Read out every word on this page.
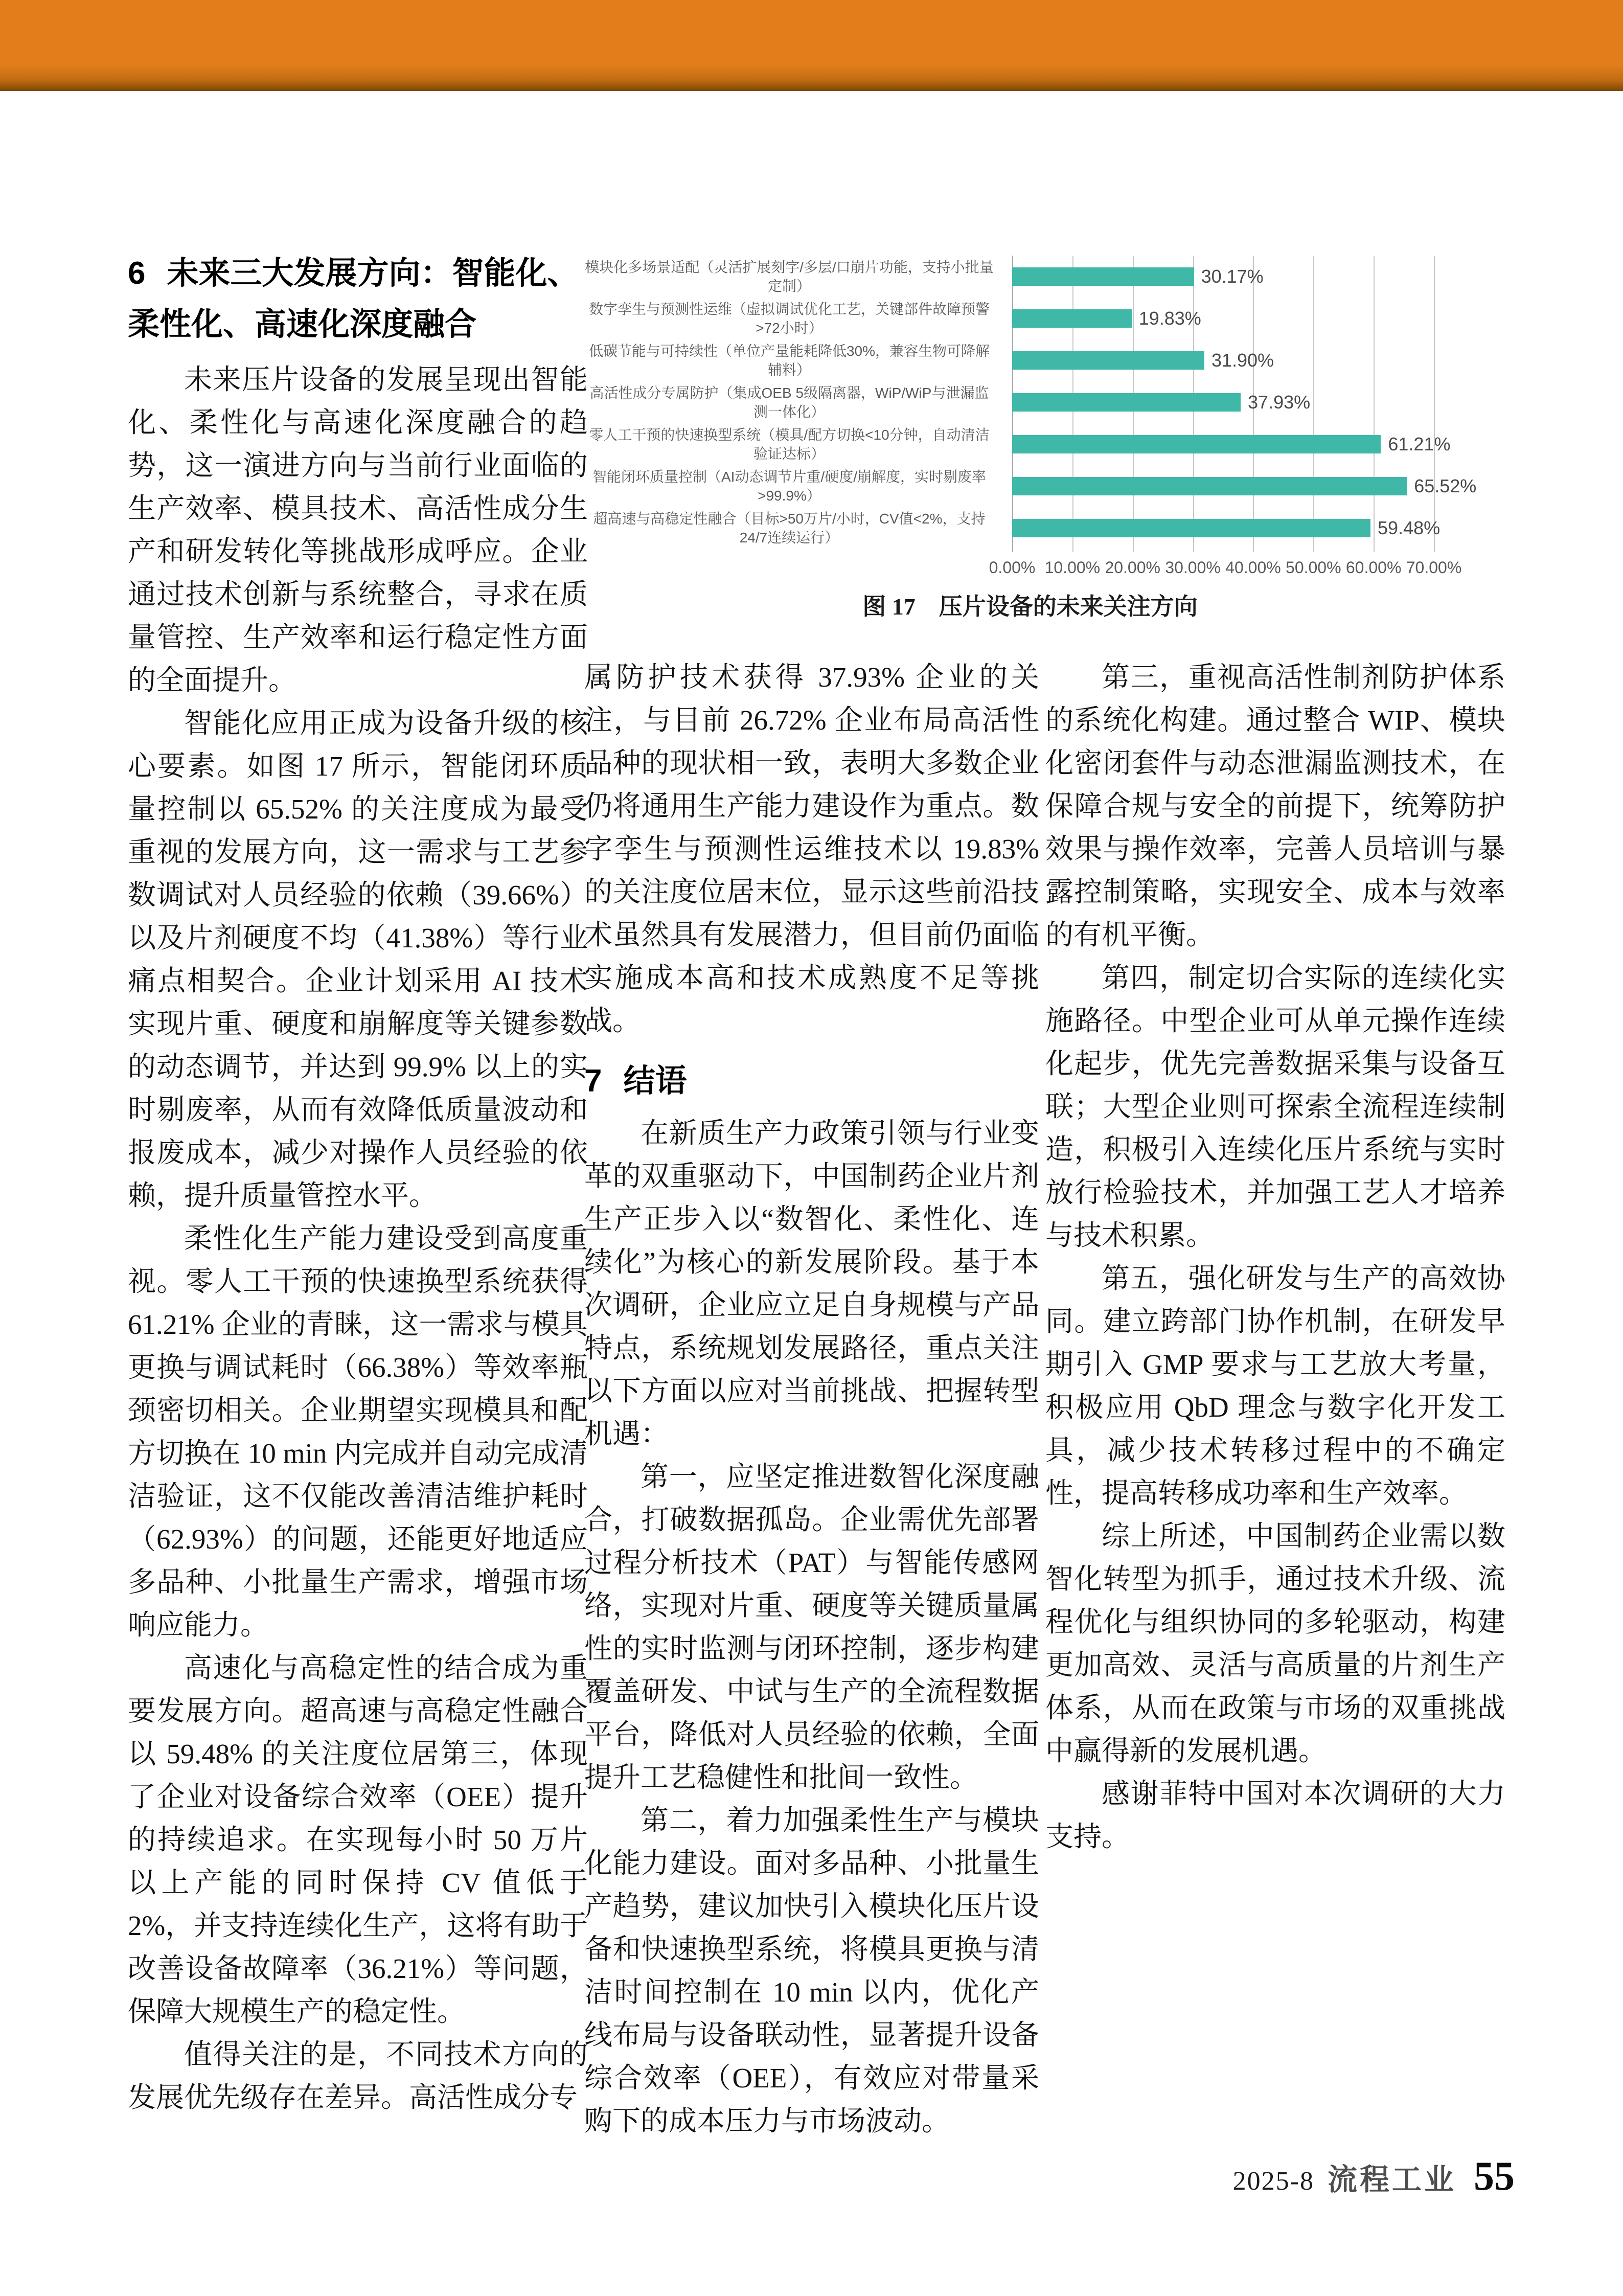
6 未来三大发展方向：智能化、柔性化、高速化深度融合

未来压片设备的发展呈现出智能化、柔性化与高速化深度融合的趋势，这一演进方向与当前行业面临的生产效率、模具技术、高活性成分生产和研发转化等挑战形成呼应。企业通过技术创新与系统整合，寻求在质量管控、生产效率和运行稳定性方面的全面提升。

智能化应用正成为设备升级的核心要素。如图 17 所示，智能闭环质量控制以 65.52% 的关注度成为最受重视的发展方向，这一需求与工艺参数调试对人员经验的依赖（39.66%）以及片剂硬度不均（41.38%）等行业痛点相契合。企业计划采用 AI 技术实现片重、硬度和崩解度等关键参数的动态调节，并达到 99.9% 以上的实时剔废率，从而有效降低质量波动和报废成本，减少对操作人员经验的依赖，提升质量管控水平。

柔性化生产能力建设受到高度重视。零人工干预的快速换型系统获得 61.21% 企业的青睐，这一需求与模具更换与调试耗时（66.38%）等效率瓶颈密切相关。企业期望实现模具和配方切换在 10 min 内完成并自动完成清洁验证，这不仅能改善清洁维护耗时（62.93%）的问题，还能更好地适应多品种、小批量生产需求，增强市场响应能力。

高速化与高稳定性的结合成为重要发展方向。超高速与高稳定性融合以 59.48% 的关注度位居第三，体现了企业对设备综合效率（OEE）提升的持续追求。在实现每小时 50 万片以上产能的同时保持 CV 值低于 2%，并支持连续化生产，这将有助于改善设备故障率（36.21%）等问题，保障大规模生产的稳定性。

值得关注的是，不同技术方向的发展优先级存在差异。高活性成分专

模块化多场景适配（灵活扩展刻字/多层/口崩片功能，支持小批量定制）	30.17%
数字孪生与预测性运维（虚拟调试优化工艺，关键部件故障预警>72小时）	19.83%
低碳节能与可持续性（单位产量能耗降低30%，兼容生物可降解辅料）	31.90%
高活性成分专属防护（集成OEB 5级隔离器，WiP/WiP与泄漏监测一体化）	37.93%
零人工干预的快速换型系统（模具/配方切换<10分钟，自动清洁验证达标）	61.21%
智能闭环质量控制（AI动态调节片重/硬度/崩解度，实时剔废率>99.9%）	65.52%
超高速与高稳定性融合（目标>50万片/小时，CV值<2%，支持24/7连续运行）	59.48%
0.00% 10.00% 20.00% 30.00% 40.00% 50.00% 60.00% 70.00%
图 17　压片设备的未来关注方向

属防护技术获得 37.93% 企业的关注，与目前 26.72% 企业布局高活性品种的现状相一致，表明大多数企业仍将通用生产能力建设作为重点。数字孪生与预测性运维技术以 19.83% 的关注度位居末位，显示这些前沿技术虽然具有发展潜力，但目前仍面临实施成本高和技术成熟度不足等挑战。

7 结语

在新质生产力政策引领与行业变革的双重驱动下，中国制药企业片剂生产正步入以“数智化、柔性化、连续化”为核心的新发展阶段。基于本次调研，企业应立足自身规模与产品特点，系统规划发展路径，重点关注以下方面以应对当前挑战、把握转型机遇：

第一，应坚定推进数智化深度融合，打破数据孤岛。企业需优先部署过程分析技术（PAT）与智能传感网络，实现对片重、硬度等关键质量属性的实时监测与闭环控制，逐步构建覆盖研发、中试与生产的全流程数据平台，降低对人员经验的依赖，全面提升工艺稳健性和批间一致性。

第二，着力加强柔性生产与模块化能力建设。面对多品种、小批量生产趋势，建议加快引入模块化压片设备和快速换型系统，将模具更换与清洁时间控制在 10 min 以内，优化产线布局与设备联动性，显著提升设备综合效率（OEE），有效应对带量采购下的成本压力与市场波动。

第三，重视高活性制剂防护体系的系统化构建。通过整合 WIP、模块化密闭套件与动态泄漏监测技术，在保障合规与安全的前提下，统筹防护效果与操作效率，完善人员培训与暴露控制策略，实现安全、成本与效率的有机平衡。

第四，制定切合实际的连续化实施路径。中型企业可从单元操作连续化起步，优先完善数据采集与设备互联；大型企业则可探索全流程连续制造，积极引入连续化压片系统与实时放行检验技术，并加强工艺人才培养与技术积累。

第五，强化研发与生产的高效协同。建立跨部门协作机制，在研发早期引入 GMP 要求与工艺放大考量，积极应用 QbD 理念与数字化开发工具，减少技术转移过程中的不确定性，提高转移成功率和生产效率。

综上所述，中国制药企业需以数智化转型为抓手，通过技术升级、流程优化与组织协同的多轮驱动，构建更加高效、灵活与高质量的片剂生产体系，从而在政策与市场的双重挑战中赢得新的发展机遇。

感谢菲特中国对本次调研的大力支持。

2025-8 流程工业 55
